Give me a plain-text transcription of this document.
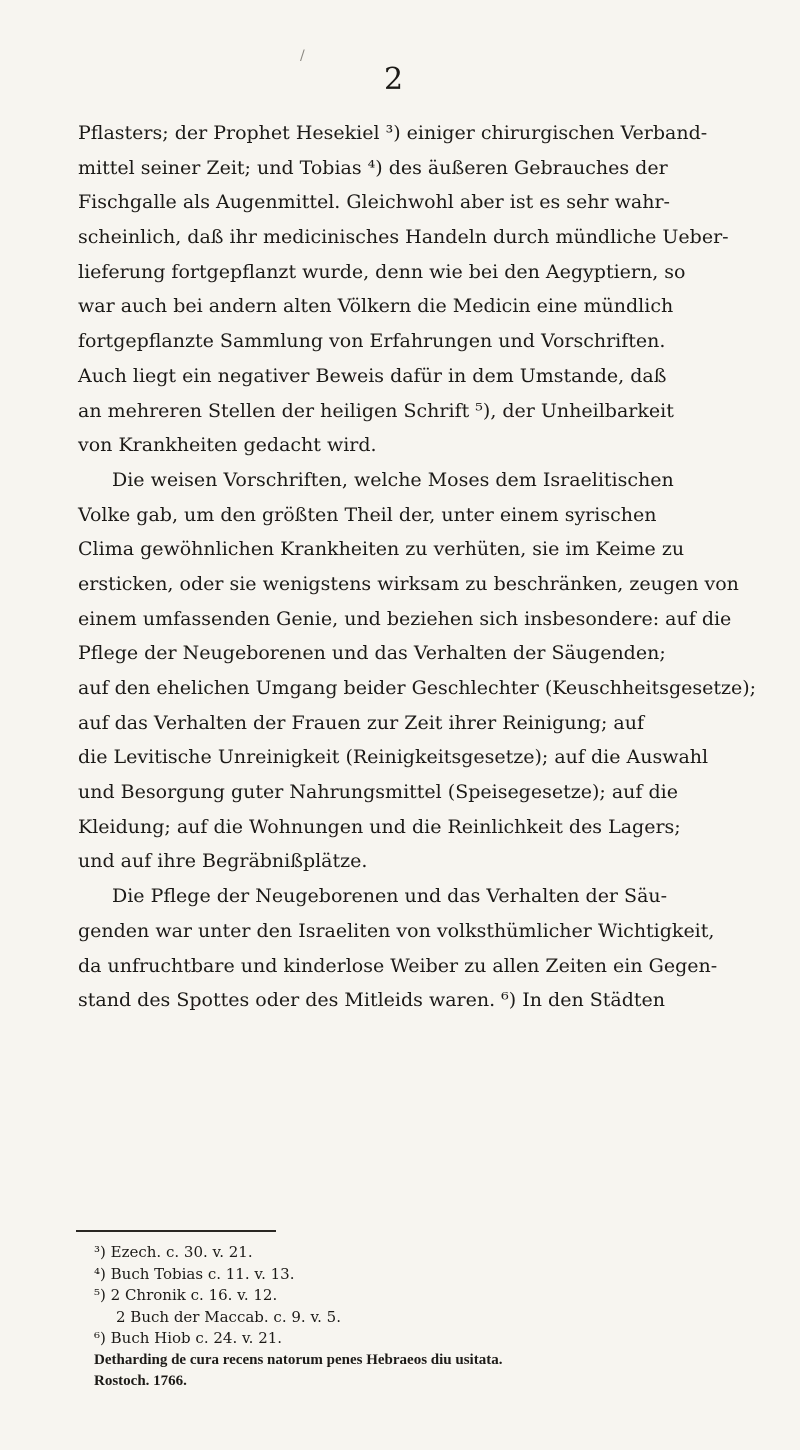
/
2
Pflasters; der Prophet Hesekiel ³) einiger chirurgischen Verband-
mittel seiner Zeit; und Tobias ⁴) des äußeren Gebrauches der
Fischgalle als Augenmittel. Gleichwohl aber ist es sehr wahr-
scheinlich, daß ihr medicinisches Handeln durch mündliche Ueber-
lieferung fortgepflanzt wurde, denn wie bei den Aegyptiern, so
war auch bei andern alten Völkern die Medicin eine mündlich
fortgepflanzte Sammlung von Erfahrungen und Vorschriften.
Auch liegt ein negativer Beweis dafür in dem Umstande, daß
an mehreren Stellen der heiligen Schrift ⁵), der Unheilbarkeit
von Krankheiten gedacht wird.
Die weisen Vorschriften, welche Moses dem Israelitischen
Volke gab, um den größten Theil der, unter einem syrischen
Clima gewöhnlichen Krankheiten zu verhüten, sie im Keime zu
ersticken, oder sie wenigstens wirksam zu beschränken, zeugen von
einem umfassenden Genie, und beziehen sich insbesondere: auf die
Pflege der Neugeborenen und das Verhalten der Säugenden;
auf den ehelichen Umgang beider Geschlechter (Keuschheitsgesetze);
auf das Verhalten der Frauen zur Zeit ihrer Reinigung; auf
die Levitische Unreinigkeit (Reinigkeitsgesetze); auf die Auswahl
und Besorgung guter Nahrungsmittel (Speisegesetze); auf die
Kleidung; auf die Wohnungen und die Reinlichkeit des Lagers;
und auf ihre Begräbnißplätze.
Die Pflege der Neugeborenen und das Verhalten der Säu-
genden war unter den Israeliten von volksthümlicher Wichtigkeit,
da unfruchtbare und kinderlose Weiber zu allen Zeiten ein Gegen-
stand des Spottes oder des Mitleids waren. ⁶) In den Städten
³) Ezech. c. 30. v. 21.
⁴) Buch Tobias c. 11. v. 13.
⁵) 2 Chronik c. 16. v. 12.
2 Buch der Maccab. c. 9. v. 5.
⁶) Buch Hiob c. 24. v. 21.
Detharding de cura recens natorum penes Hebraeos diu usitata.
Rostoch. 1766.
